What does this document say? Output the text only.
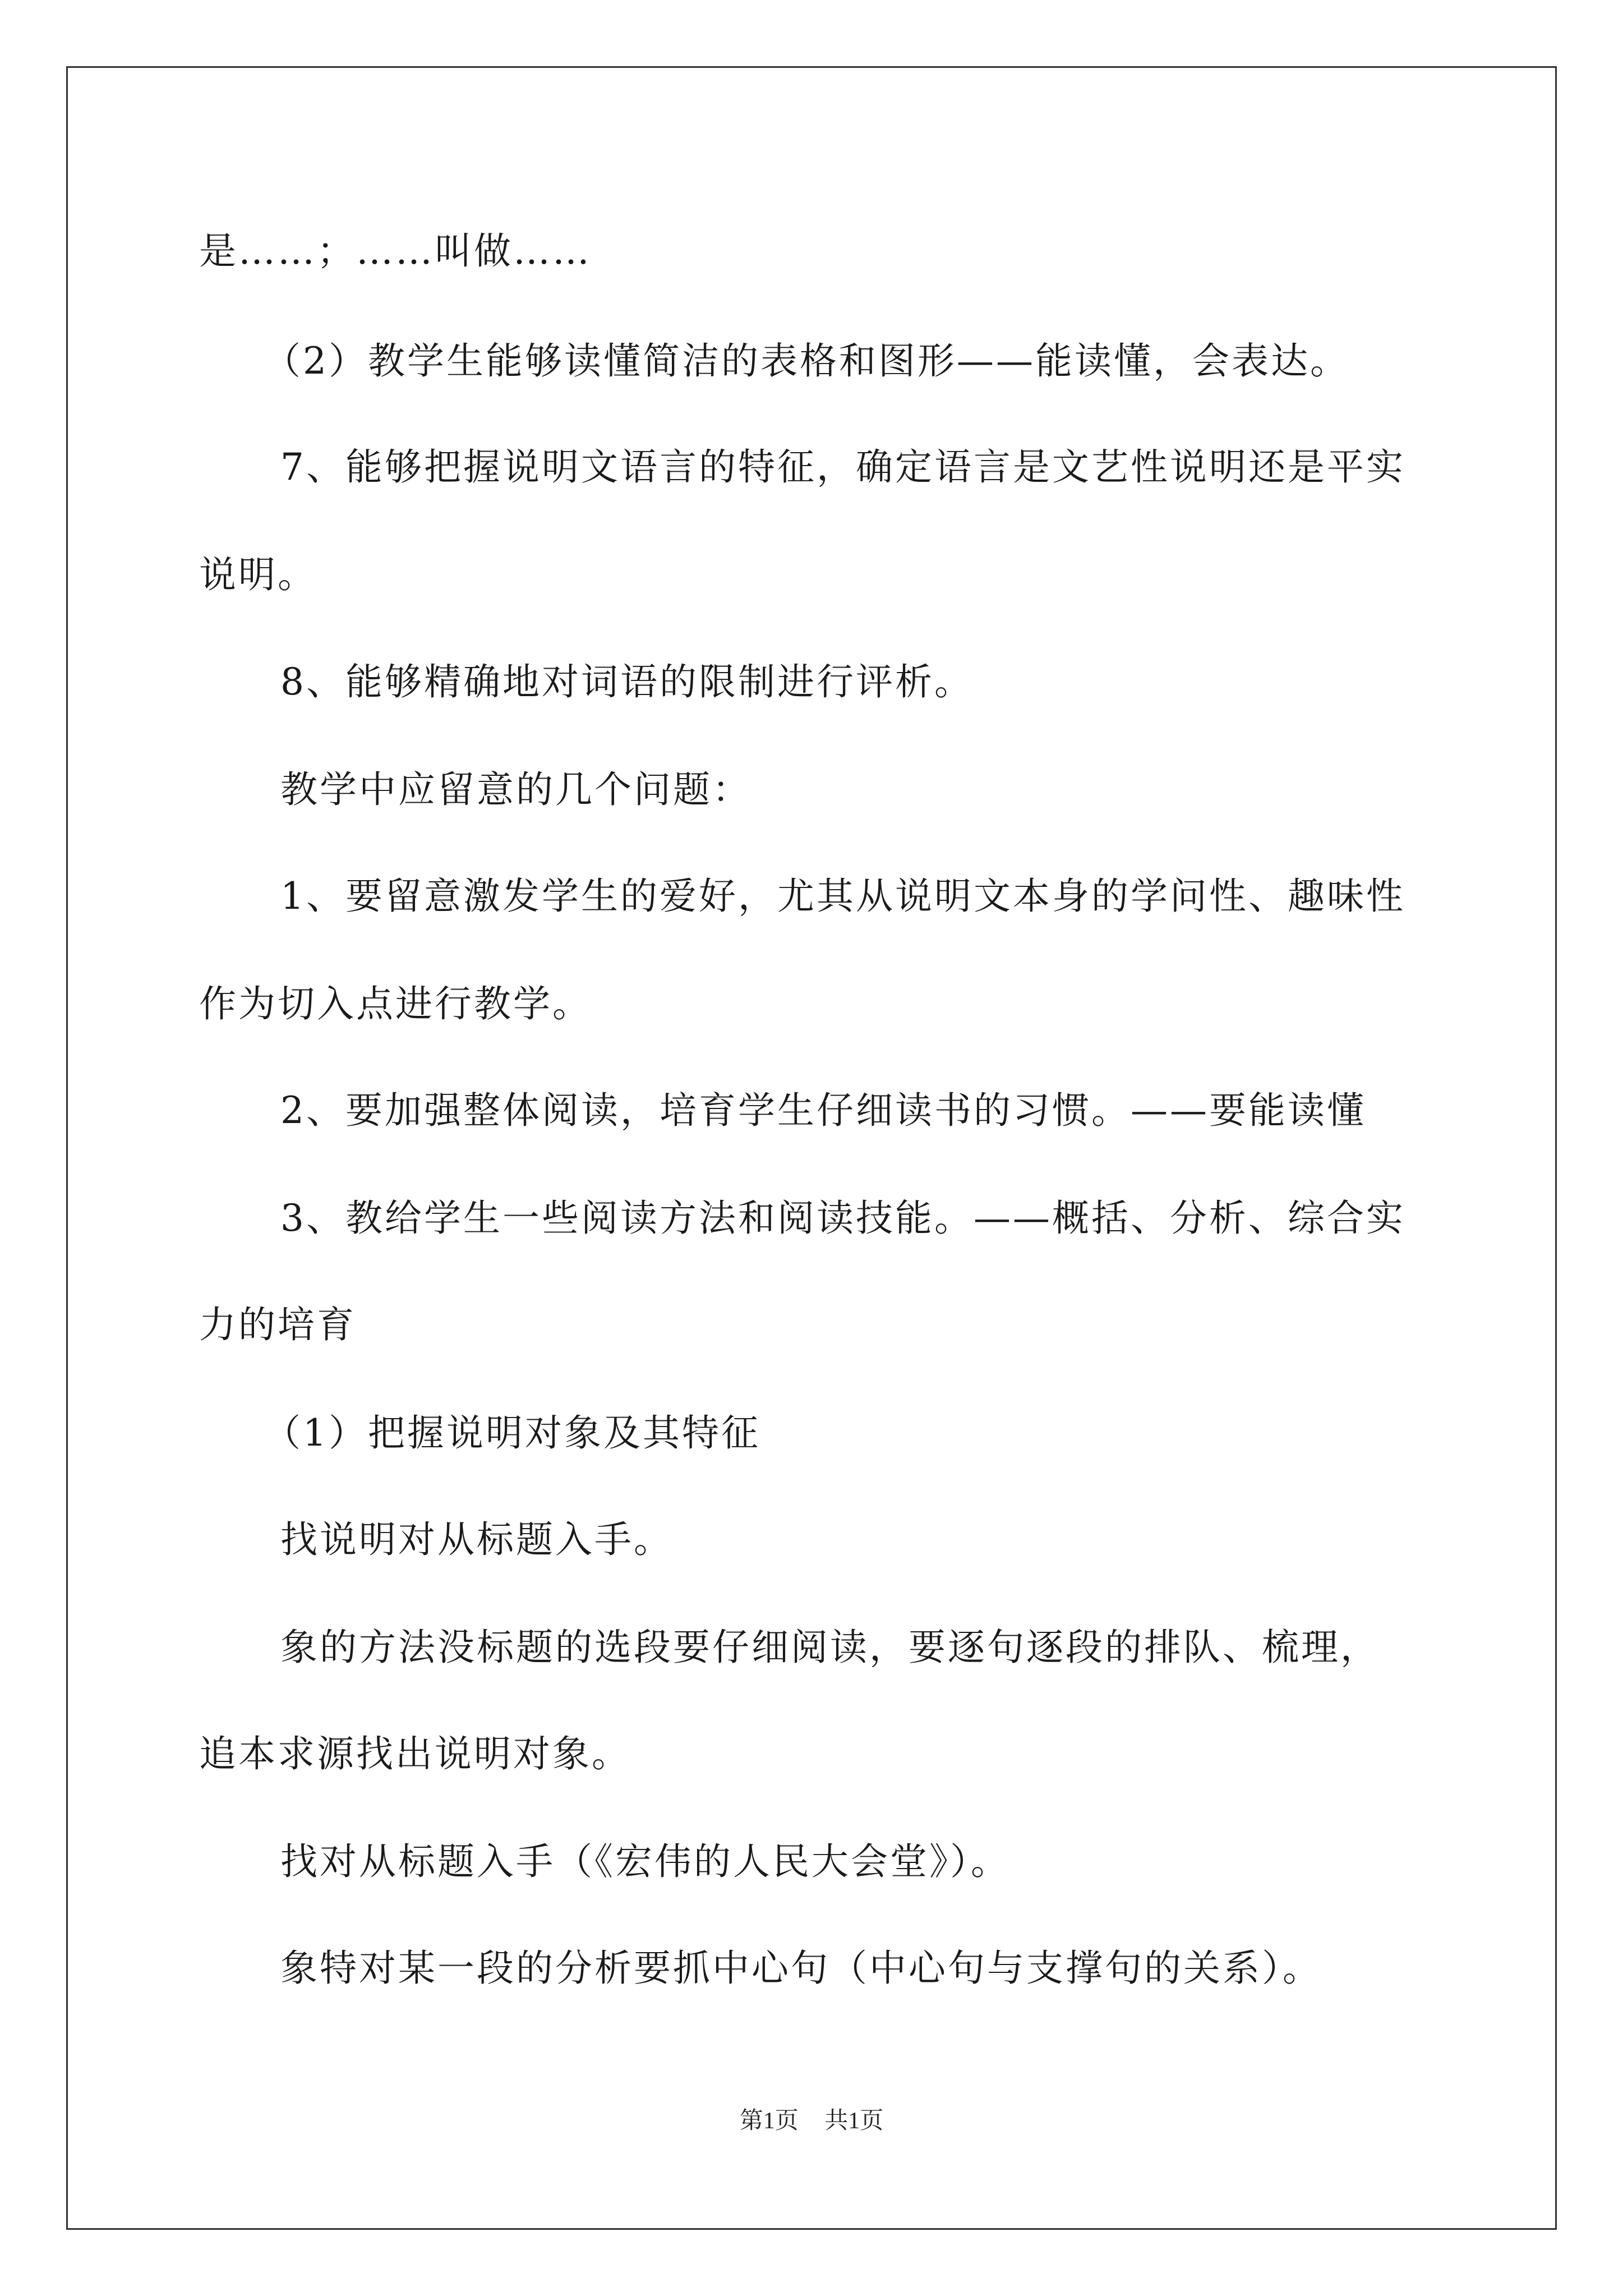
是……；……叫做……
（2）教学生能够读懂简洁的表格和图形——能读懂，会表达。
7、能够把握说明文语言的特征，确定语言是文艺性说明还是平实
说明。
8、能够精确地对词语的限制进行评析。
教学中应留意的几个问题：
1、要留意激发学生的爱好，尤其从说明文本身的学问性、趣味性
作为切入点进行教学。
2、要加强整体阅读，培育学生仔细读书的习惯。——要能读懂
3、教给学生一些阅读方法和阅读技能。——概括、分析、综合实
力的培育
（1）把握说明对象及其特征
找说明对从标题入手。
象的方法没标题的选段要仔细阅读，要逐句逐段的排队、梳理，
追本求源找出说明对象。
找对从标题入手（《宏伟的人民大会堂》）。
象特对某一段的分析要抓中心句（中心句与支撑句的关系）。
第1页 共1页
